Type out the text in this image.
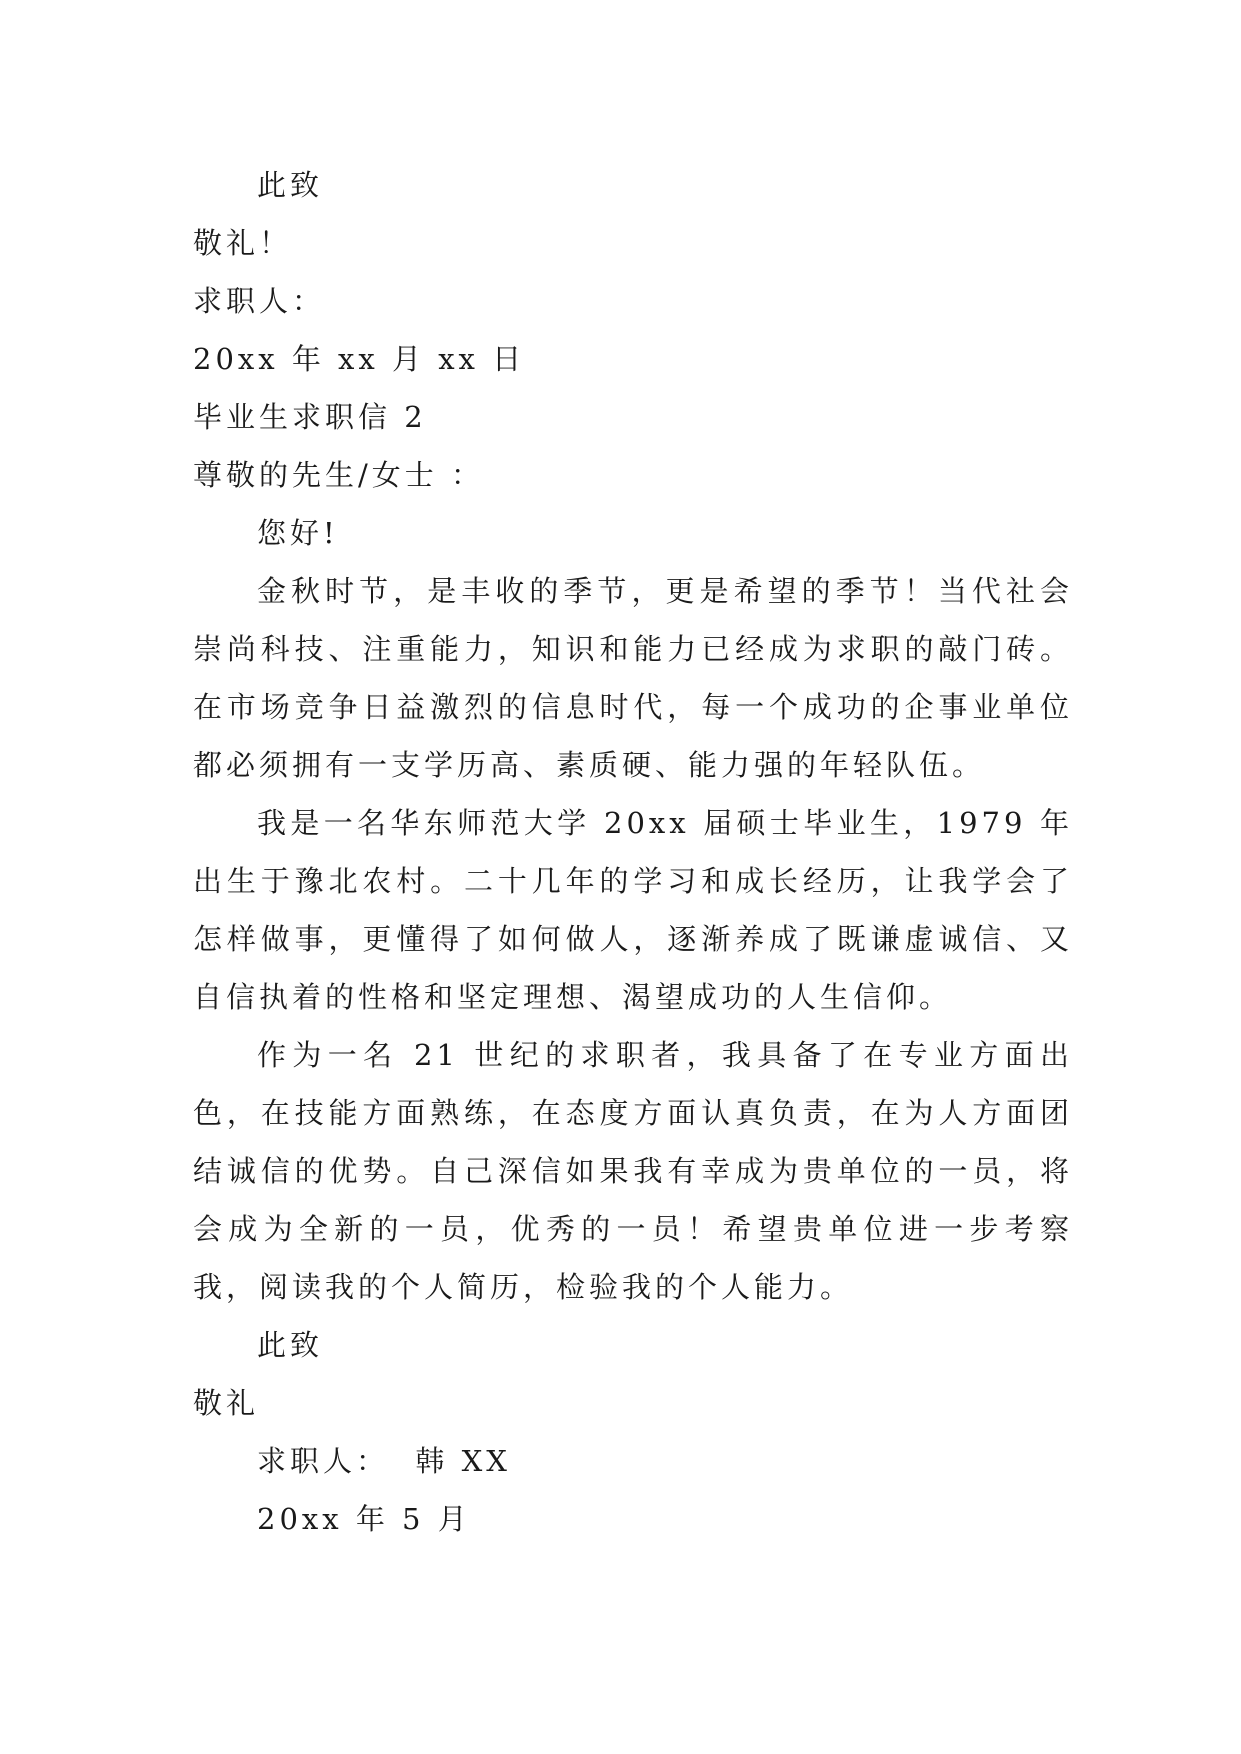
此致
敬礼！
求职人：
20xx 年 xx 月 xx 日
毕业生求职信 2
尊敬的先生/女士 ：
您好!

金秋时节，是丰收的季节，更是希望的季节！当代社会崇尚科技、注重能力，知识和能力已经成为求职的敲门砖。在市场竞争日益激烈的信息时代，每一个成功的企事业单位都必须拥有一支学历高、素质硬、能力强的年轻队伍。

我是一名华东师范大学 20xx 届硕士毕业生，1979 年出生于豫北农村。二十几年的学习和成长经历，让我学会了怎样做事，更懂得了如何做人，逐渐养成了既谦虚诚信、又自信执着的性格和坚定理想、渴望成功的人生信仰。

作为一名 21 世纪的求职者，我具备了在专业方面出色，在技能方面熟练，在态度方面认真负责，在为人方面团结诚信的优势。自己深信如果我有幸成为贵单位的一员，将会成为全新的一员，优秀的一员！希望贵单位进一步考察我，阅读我的个人简历，检验我的个人能力。

此致
敬礼
求职人：  韩 XX
20xx 年 5 月
